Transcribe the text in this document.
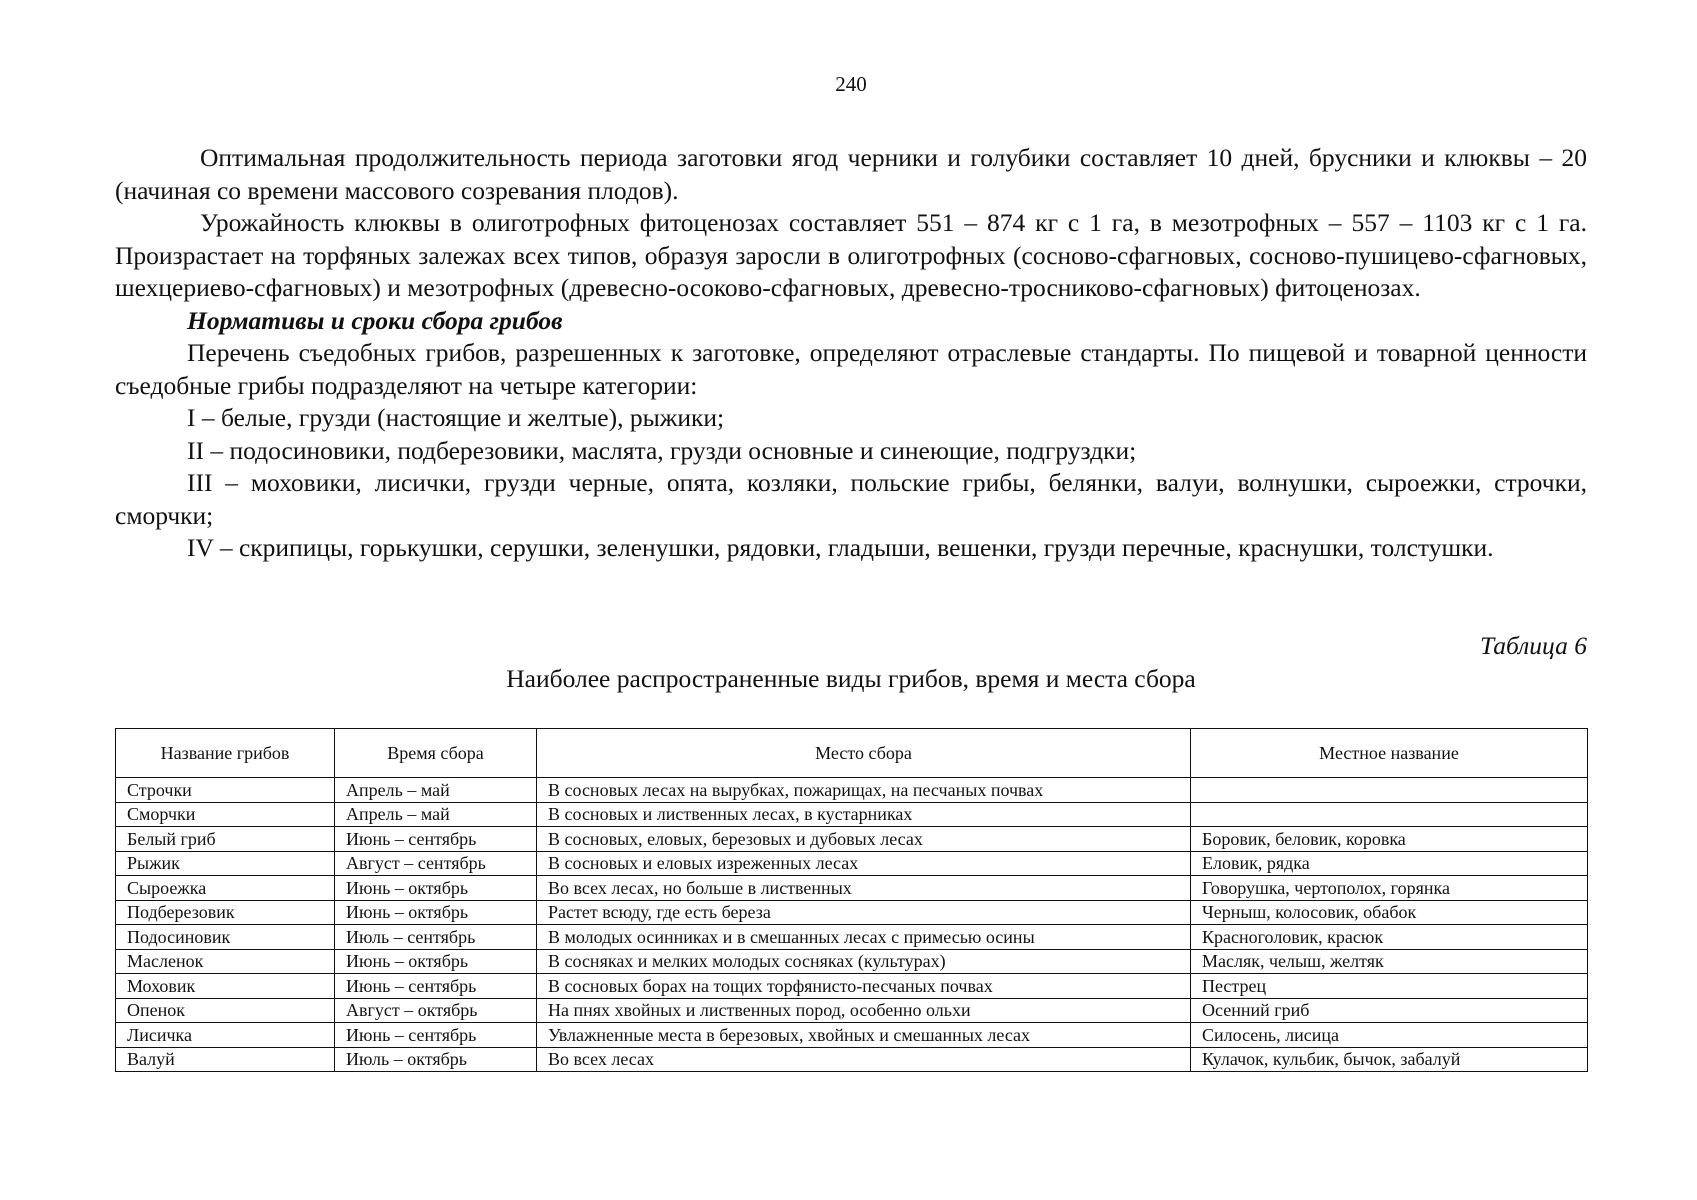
240

Оптимальная продолжительность периода заготовки ягод черники и голубики составляет 10 дней, брусники и клюквы – 20 (начиная со времени массового созревания плодов).

Урожайность клюквы в олиготрофных фитоценозах составляет 551 – 874 кг с 1 га, в мезотрофных – 557 – 1103 кг с 1 га. Произрастает на торфяных залежах всех типов, образуя заросли в олиготрофных (сосново-сфагновых, сосново-пушицево-сфагновых, шехцериево-сфагновых) и мезотрофных (древесно-осоково-сфагновых, древесно-тросниково-сфагновых) фитоценозах.

Нормативы и сроки сбора грибов

Перечень съедобных грибов, разрешенных к заготовке, определяют отраслевые стандарты. По пищевой и товарной ценности съедобные грибы подразделяют на четыре категории:

I – белые, грузди (настоящие и желтые), рыжики;

II – подосиновики, подберезовики, маслята, грузди основные и синеющие, подгруздки;

III – моховики, лисички, грузди черные, опята, козляки, польские грибы, белянки, валуи, волнушки, сыроежки, строчки, сморчки;

IV – скрипицы, горькушки, серушки, зеленушки, рядовки, гладыши, вешенки, грузди перечные, краснушки, толстушки.

Таблица 6
Наиболее распространенные виды грибов, время и места сбора
Название грибов	Время сбора	Место сбора	Местное название
Строчки	Апрель – май	В сосновых лесах на вырубках, пожарищах, на песчаных почвах	
Сморчки	Апрель – май	В сосновых и лиственных лесах, в кустарниках	
Белый гриб	Июнь – сентябрь	В сосновых, еловых, березовых и дубовых лесах	Боровик, беловик, коровка
Рыжик	Август – сентябрь	В сосновых и еловых изреженных лесах	Еловик, рядка
Сыроежка	Июнь – октябрь	Во всех лесах, но больше в лиственных	Говорушка, чертополох, горянка
Подберезовик	Июнь – октябрь	Растет всюду, где есть береза	Черныш, колосовик, обабок
Подосиновик	Июль – сентябрь	В молодых осинниках и в смешанных лесах с примесью осины	Красноголовик, красюк
Масленок	Июнь – октябрь	В сосняках и мелких молодых сосняках (культурах)	Масляк, челыш, желтяк
Моховик	Июнь – сентябрь	В сосновых борах на тощих торфянисто-песчаных почвах	Пестрец
Опенок	Август – октябрь	На пнях хвойных и лиственных пород, особенно ольхи	Осенний гриб
Лисичка	Июнь – сентябрь	Увлажненные места в березовых, хвойных и смешанных лесах	Силосень, лисица
Валуй	Июль – октябрь	Во всех лесах	Кулачок, кульбик, бычок, забалуй
